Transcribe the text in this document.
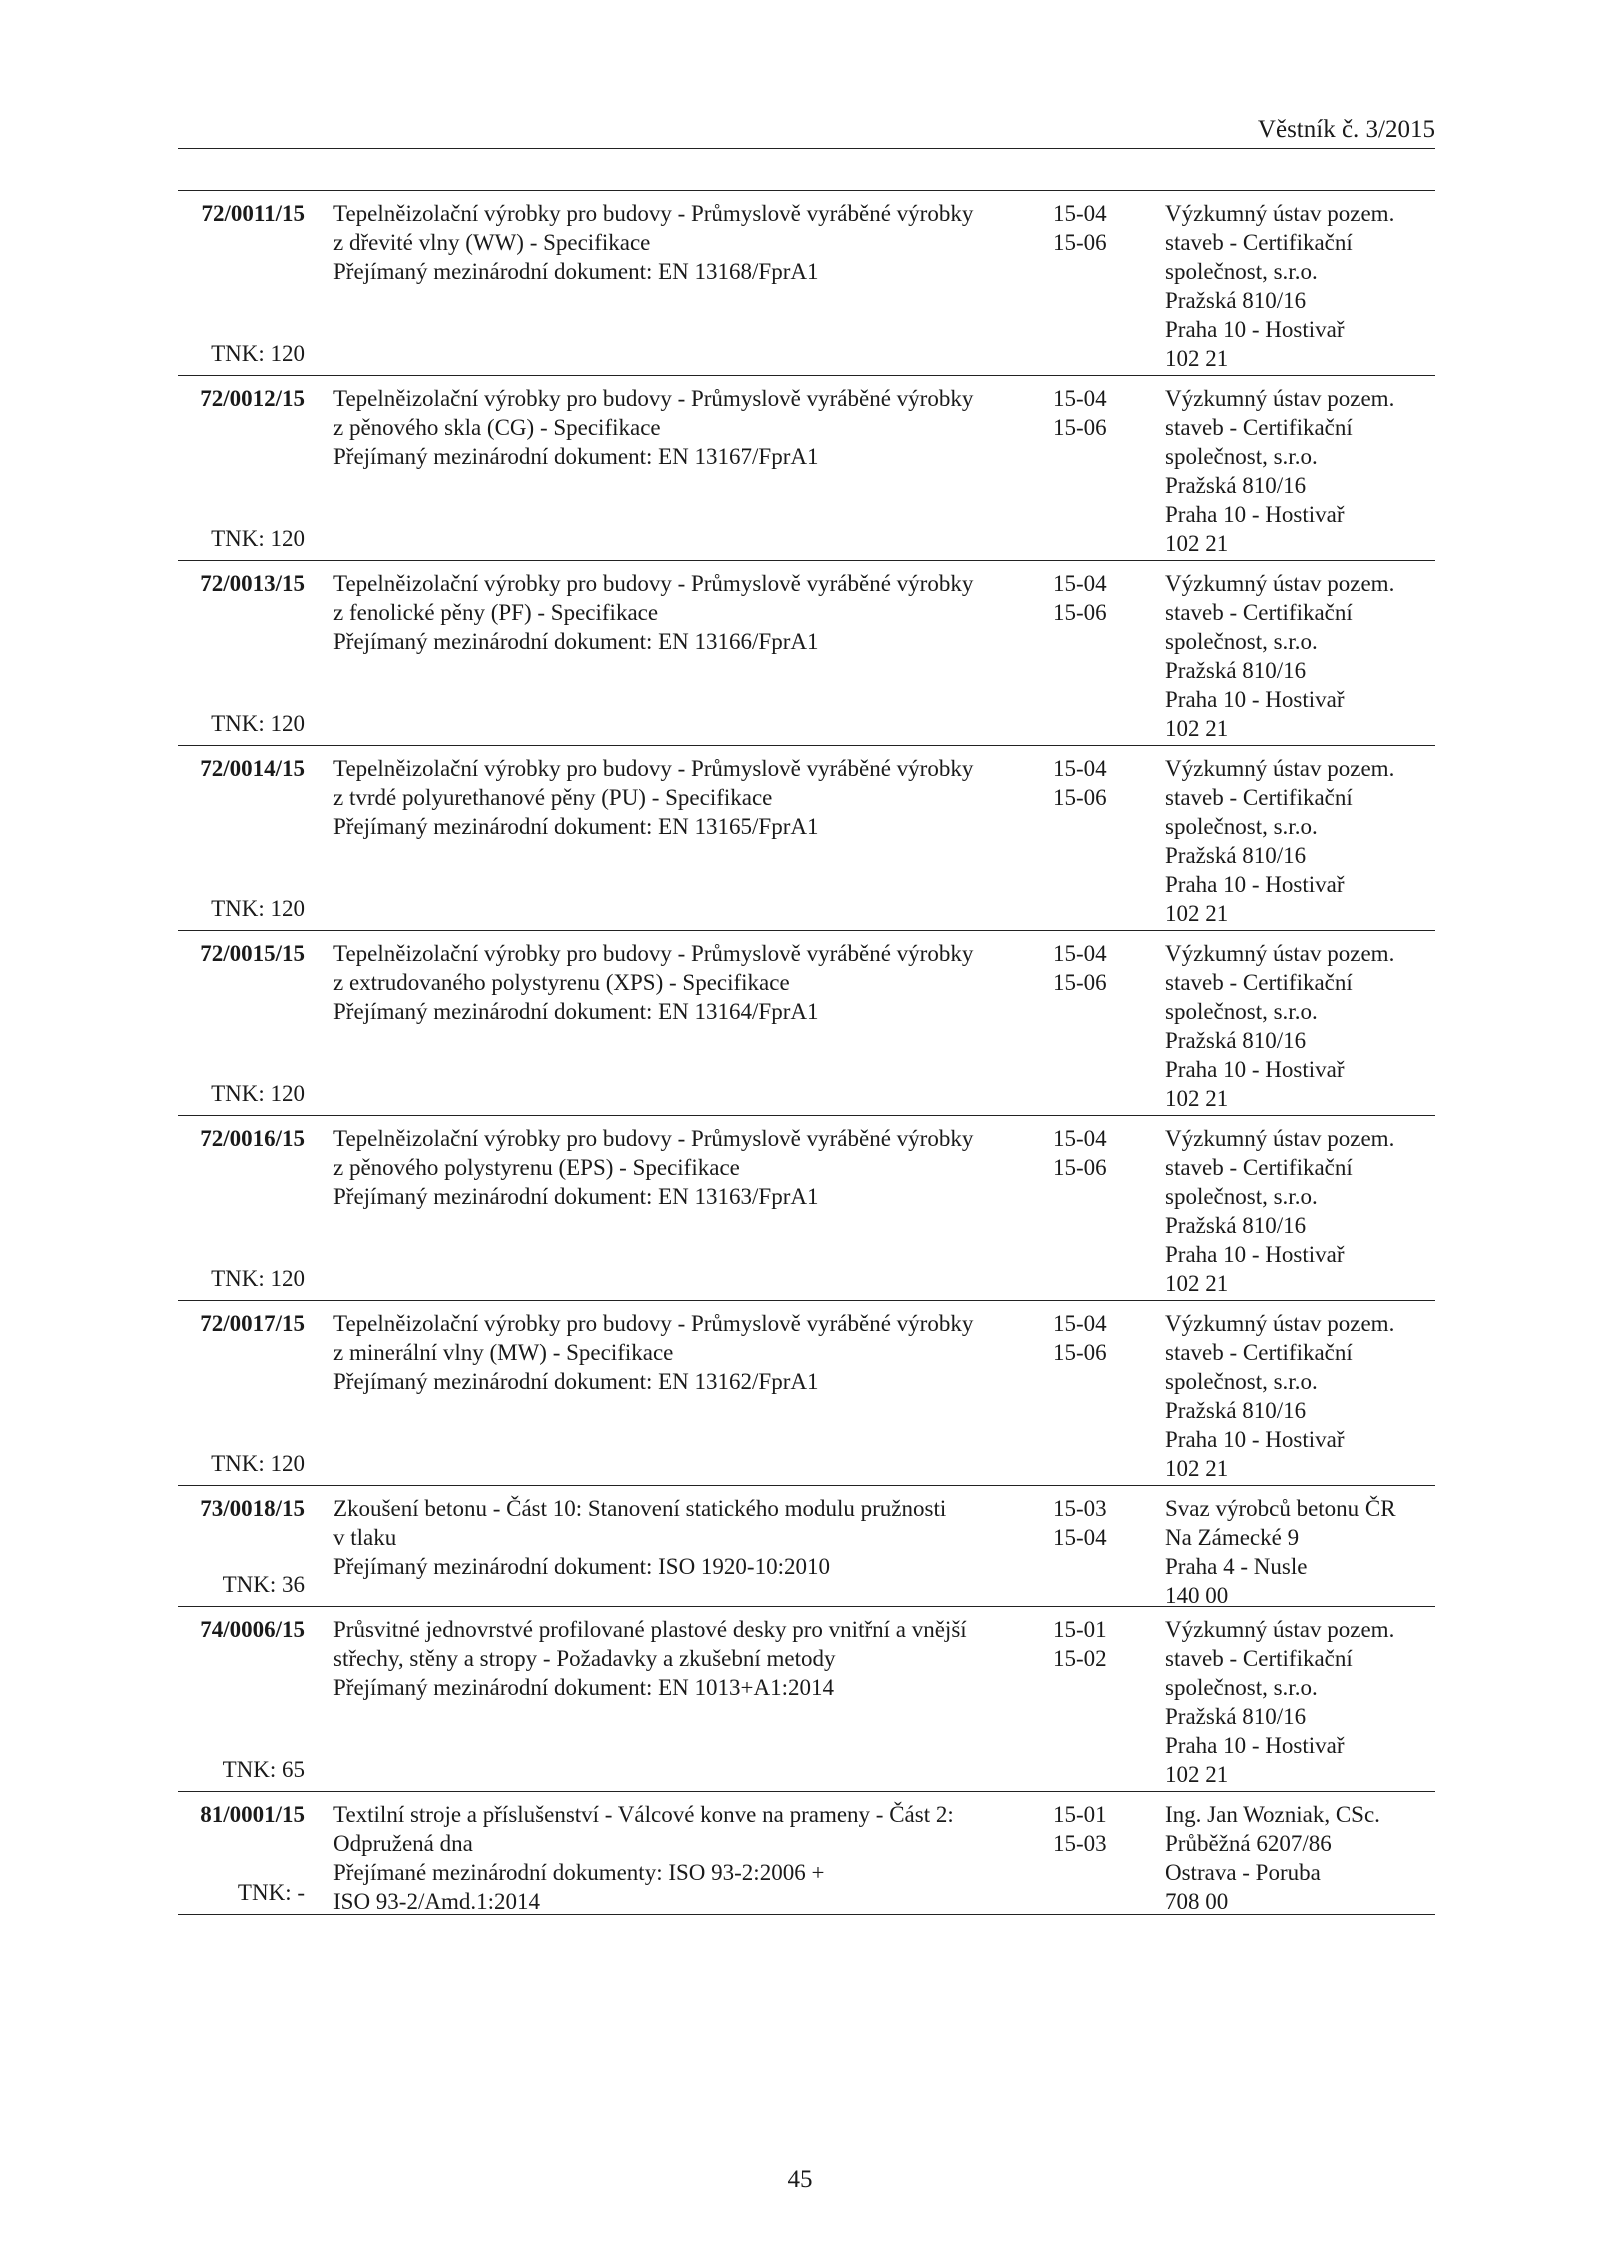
Věstník č. 3/2015
72/0011/15
TNK: 120
Tepelněizolační výrobky pro budovy - Průmyslově vyráběné výrobky
z dřevité vlny (WW) - Specifikace
Přejímaný mezinárodní dokument: EN 13168/FprA1
15-04
15-06
Výzkumný ústav pozem.
staveb - Certifikační
společnost, s.r.o.
Pražská 810/16
Praha 10 - Hostivař
102 21
72/0012/15
TNK: 120
Tepelněizolační výrobky pro budovy - Průmyslově vyráběné výrobky
z pěnového skla (CG) - Specifikace
Přejímaný mezinárodní dokument: EN 13167/FprA1
15-04
15-06
Výzkumný ústav pozem.
staveb - Certifikační
společnost, s.r.o.
Pražská 810/16
Praha 10 - Hostivař
102 21
72/0013/15
TNK: 120
Tepelněizolační výrobky pro budovy - Průmyslově vyráběné výrobky
z fenolické pěny (PF) - Specifikace
Přejímaný mezinárodní dokument: EN 13166/FprA1
15-04
15-06
Výzkumný ústav pozem.
staveb - Certifikační
společnost, s.r.o.
Pražská 810/16
Praha 10 - Hostivař
102 21
72/0014/15
TNK: 120
Tepelněizolační výrobky pro budovy - Průmyslově vyráběné výrobky
z tvrdé polyurethanové pěny (PU) - Specifikace
Přejímaný mezinárodní dokument: EN 13165/FprA1
15-04
15-06
Výzkumný ústav pozem.
staveb - Certifikační
společnost, s.r.o.
Pražská 810/16
Praha 10 - Hostivař
102 21
72/0015/15
TNK: 120
Tepelněizolační výrobky pro budovy - Průmyslově vyráběné výrobky
z extrudovaného polystyrenu (XPS) - Specifikace
Přejímaný mezinárodní dokument: EN 13164/FprA1
15-04
15-06
Výzkumný ústav pozem.
staveb - Certifikační
společnost, s.r.o.
Pražská 810/16
Praha 10 - Hostivař
102 21
72/0016/15
TNK: 120
Tepelněizolační výrobky pro budovy - Průmyslově vyráběné výrobky
z pěnového polystyrenu (EPS) - Specifikace
Přejímaný mezinárodní dokument: EN 13163/FprA1
15-04
15-06
Výzkumný ústav pozem.
staveb - Certifikační
společnost, s.r.o.
Pražská 810/16
Praha 10 - Hostivař
102 21
72/0017/15
TNK: 120
Tepelněizolační výrobky pro budovy - Průmyslově vyráběné výrobky
z minerální vlny (MW) - Specifikace
Přejímaný mezinárodní dokument: EN 13162/FprA1
15-04
15-06
Výzkumný ústav pozem.
staveb - Certifikační
společnost, s.r.o.
Pražská 810/16
Praha 10 - Hostivař
102 21
73/0018/15
TNK: 36
Zkoušení betonu - Část 10: Stanovení statického modulu pružnosti
v tlaku
Přejímaný mezinárodní dokument: ISO 1920-10:2010
15-03
15-04
Svaz výrobců betonu ČR
Na Zámecké 9
Praha 4 - Nusle
140 00
74/0006/15
TNK: 65
Průsvitné jednovrstvé profilované plastové desky pro vnitřní a vnější
střechy, stěny a stropy - Požadavky a zkušební metody
Přejímaný mezinárodní dokument: EN 1013+A1:2014
15-01
15-02
Výzkumný ústav pozem.
staveb - Certifikační
společnost, s.r.o.
Pražská 810/16
Praha 10 - Hostivař
102 21
81/0001/15
TNK: -
Textilní stroje a příslušenství - Válcové konve na prameny - Část 2:
Odpružená dna
Přejímané mezinárodní dokumenty: ISO 93-2:2006 +
ISO 93-2/Amd.1:2014
15-01
15-03
Ing. Jan Wozniak, CSc.
Průběžná 6207/86
Ostrava - Poruba
708 00
45
